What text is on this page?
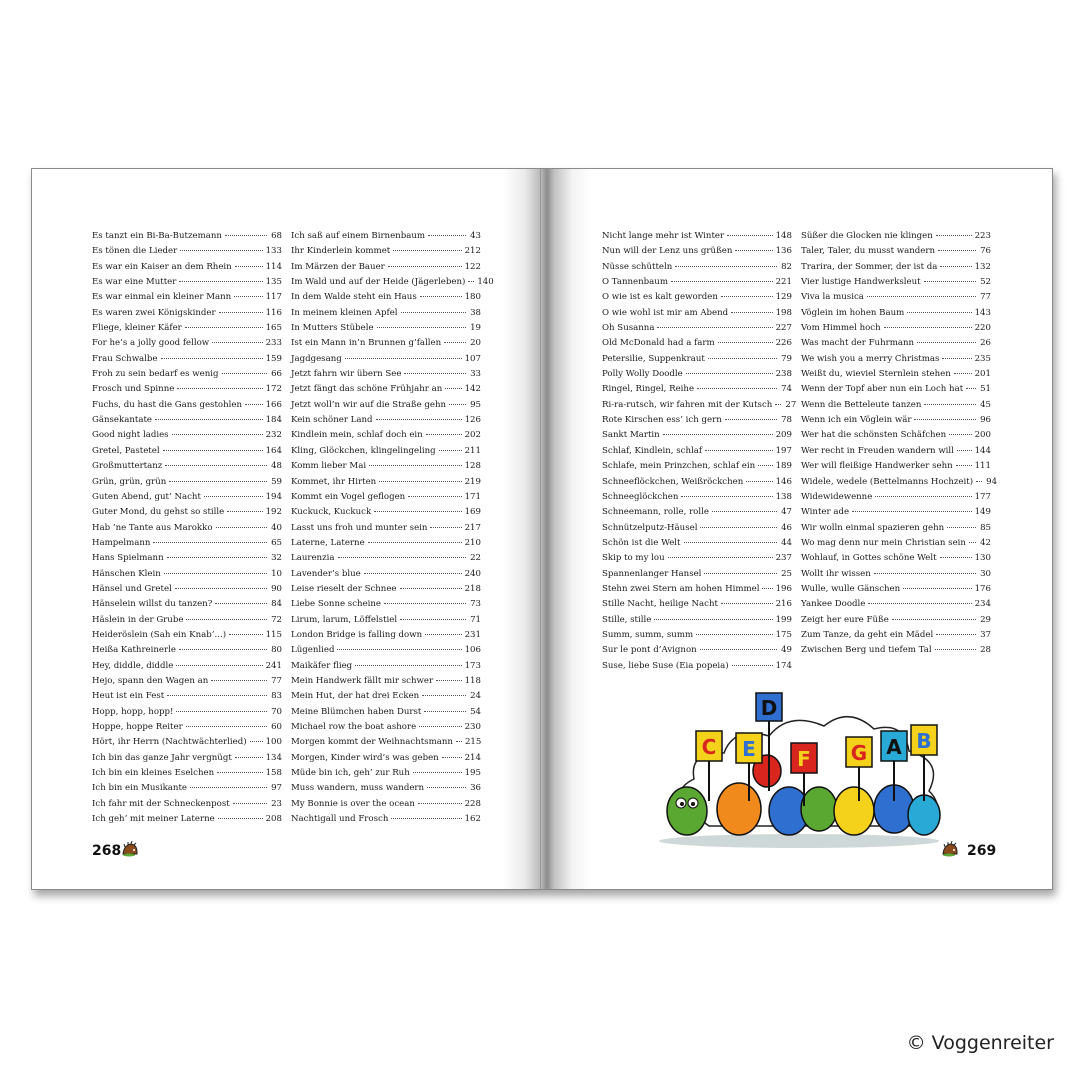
Es tanzt ein Bi-Ba-Butzemann	68
Es tönen die Lieder	133
Es war ein Kaiser an dem Rhein	114
Es war eine Mutter	135
Es war einmal ein kleiner Mann	117
Es waren zwei Königskinder	116
Fliege, kleiner Käfer	165
For he’s a jolly good fellow	233
Frau Schwalbe	159
Froh zu sein bedarf es wenig	66
Frosch und Spinne	172
Fuchs, du hast die Gans gestohlen	166
Gänsekantate	184
Good night ladies	232
Gretel, Pastetel	164
Großmuttertanz	48
Grün, grün, grün	59
Guten Abend, gut’ Nacht	194
Guter Mond, du gehst so stille	192
Hab ’ne Tante aus Marokko	40
Hampelmann	65
Hans Spielmann	32
Hänschen Klein	10
Hänsel und Gretel	90
Hänselein willst du tanzen?	84
Häslein in der Grube	72
Heideröslein (Sah ein Knab’...)	115
Heißa Kathreinerle	80
Hey, diddle, diddle	241
Hejo, spann den Wagen an	77
Heut ist ein Fest	83
Hopp, hopp, hopp!	70
Hoppe, hoppe Reiter	60
Hört, ihr Herrn (Nachtwächterlied) 100
Ich bin das ganze Jahr vergnügt	134
Ich bin ein kleines Eselchen	158
Ich bin ein Musikante	97
Ich fahr mit der Schneckenpost	23
Ich geh’ mit meiner Laterne	208
Ich saß auf einem Birnenbaum	43
Ihr Kinderlein kommet	212
Im Märzen der Bauer	122
Im Wald und auf der Heide (Jägerleben) 140
In dem Walde steht ein Haus	180
In meinem kleinen Apfel	38
In Mutters Stübele	19
Ist ein Mann in’n Brunnen g’fallen	20
Jagdgesang	107
Jetzt fahrn wir übern See	33
Jetzt fängt das schöne Frühjahr an	142
Jetzt woll’n wir auf die Straße gehn	95
Kein schöner Land	126
Kindlein mein, schlaf doch ein	202
Kling, Glöckchen, klingelingeling	211
Komm lieber Mai	128
Kommet, ihr Hirten	219
Kommt ein Vogel geflogen	171
Kuckuck, Kuckuck	169
Lasst uns froh und munter sein	217
Laterne, Laterne	210
Laurenzia	22
Lavender’s blue	240
Leise rieselt der Schnee	218
Liebe Sonne scheine	73
Lirum, larum, Löffelstiel	71
London Bridge is falling down	231
Lügenlied	106
Maikäfer flieg	173
Mein Handwerk fällt mir schwer	118
Mein Hut, der hat drei Ecken	24
Meine Blümchen haben Durst	54
Michael row the boat ashore	230
Morgen kommt der Weihnachtsmann 215
Morgen, Kinder wird’s was geben	214
Müde bin ich, geh’ zur Ruh	195
Muss wandern, muss wandern	36
My Bonnie is over the ocean	228
Nachtigall und Frosch	162
Nicht lange mehr ist Winter	148
Nun will der Lenz uns grüßen	136
Nüsse schütteln	82
O Tannenbaum	221
O wie ist es kalt geworden	129
O wie wohl ist mir am Abend	198
Oh Susanna	227
Old McDonald had a farm	226
Petersilie, Suppenkraut	79
Polly Wolly Doodle	238
Ringel, Ringel, Reihe	74
Ri-ra-rutsch, wir fahren mit der Kutsch 27
Rote Kirschen ess’ ich gern	78
Sankt Martin	209
Schlaf, Kindlein, schlaf	197
Schlafe, mein Prinzchen, schlaf ein 189
Schneeflöckchen, Weißröckchen	146
Schneeglöckchen	138
Schneemann, rolle, rolle	47
Schnützelputz-Häusel	46
Schön ist die Welt	44
Skip to my lou	237
Spannenlanger Hansel	25
Stehn zwei Stern am hohen Himmel 196
Stille Nacht, heilige Nacht	216
Stille, stille	199
Summ, summ, summ	175
Sur le pont d’Avignon	49
Suse, liebe Suse (Eia popeia)	174
Süßer die Glocken nie klingen	223
Taler, Taler, du musst wandern	76
Trarira, der Sommer, der ist da	132
Vier lustige Handwerksleut	52
Viva la musica	77
Vöglein im hohen Baum	143
Vom Himmel hoch	220
Was macht der Fuhrmann	26
We wish you a merry Christmas	235
Weißt du, wieviel Sternlein stehen	201
Wenn der Topf aber nun ein Loch hat 51
Wenn die Betteleute tanzen	45
Wenn ich ein Vöglein wär	96
Wer hat die schönsten Schäfchen	200
Wer recht in Freuden wandern will 144
Wer will fleißige Handwerker sehn	111
Widele, wedele (Bettelmanns Hochzeit) 94
Widewidewenne	177
Winter ade	149
Wir wolln einmal spazieren gehn	85
Wo mag denn nur mein Christian sein 42
Wohlauf, in Gottes schöne Welt	130
Wollt ihr wissen	30
Wulle, wulle Gänschen	176
Yankee Doodle	234
Zeigt her eure Füße	29
Zum Tanze, da geht ein Mädel	37
Zwischen Berg und tiefem Tal	28
268	269
D
C E F G A B
© Voggenreiter
